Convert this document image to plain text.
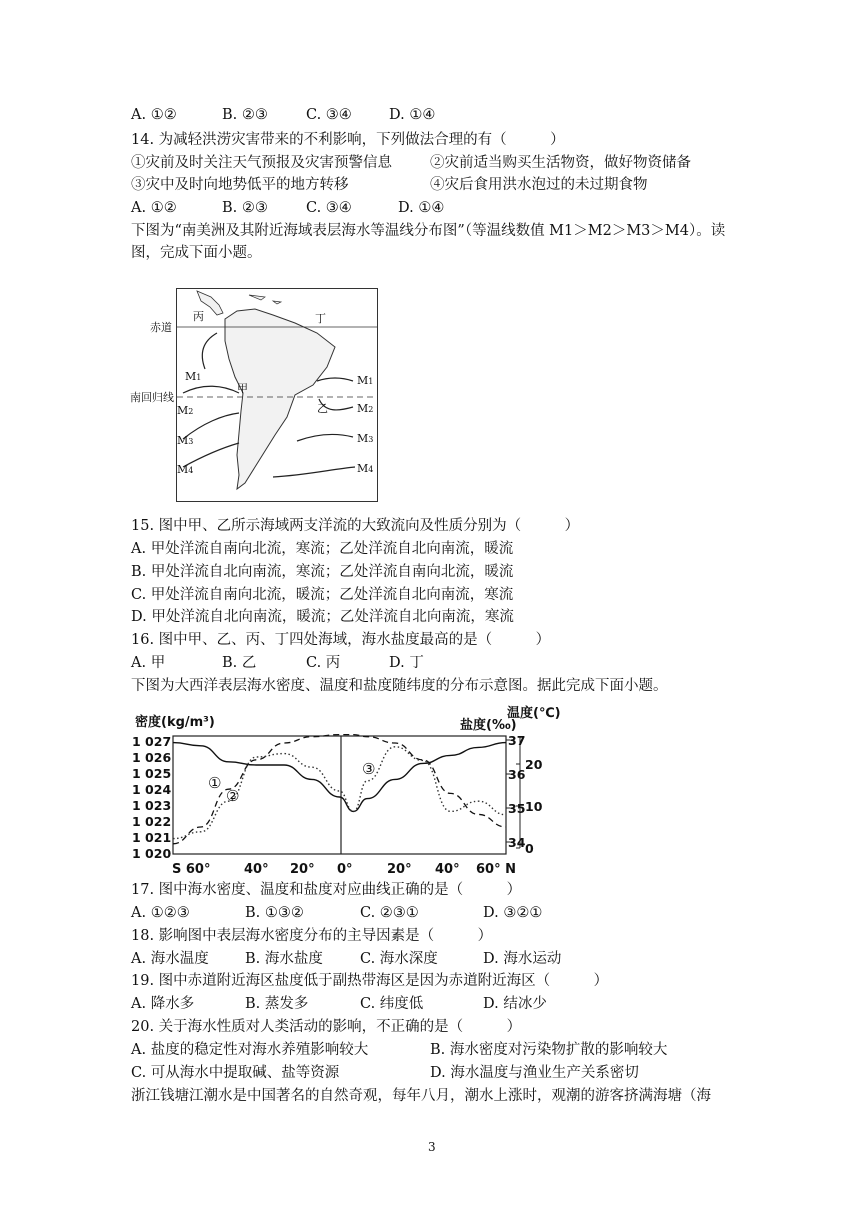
A. ①②	B. ②③	C. ③④	D. ①④
14. 为减轻洪涝灾害带来的不利影响，下列做法合理的有（　　　）
①灾前及时关注天气预报及灾害预警信息	②灾前适当购买生活物资，做好物资储备
③灾中及时向地势低平的地方转移	④灾后食用洪水泡过的未过期食物
A. ①②	B. ②③	C. ③④	D. ①④
下图为“南美洲及其附近海域表层海水等温线分布图”（等温线数值 M1＞M2＞M3＞M4）。读
图，完成下面小题。
丙	丁
甲
乙
M1
M2
M3
M4
M1
M2
M3
M4
赤道
南回归线
15. 图中甲、乙所示海域两支洋流的大致流向及性质分别为（　　　）
A. 甲处洋流自南向北流，寒流；乙处洋流自北向南流，暖流
B. 甲处洋流自北向南流，寒流；乙处洋流自南向北流，暖流
C. 甲处洋流自南向北流，暖流；乙处洋流自北向南流，寒流
D. 甲处洋流自北向南流，暖流；乙处洋流自北向南流，寒流
16. 图中甲、乙、丙、丁四处海域，海水盐度最高的是（　　　）
A. 甲	B. 乙	C. 丙	D. 丁
下图为大西洋表层海水密度、温度和盐度随纬度的分布示意图。据此完成下面小题。
密度(kg/m³)	盐度(‰)
温度(℃)
1 027
1 026
1 025
1 024
1 023
1 022
1 021
1 020
37
36
35
34
20
10
0
S 60°	40° 20° 0°	20° 40° 60° N
①
②
③
17. 图中海水密度、温度和盐度对应曲线正确的是（　　　）
A. ①②③	B. ①③②	C. ②③①	D. ③②①
18. 影响图中表层海水密度分布的主导因素是（　　　）
A. 海水温度	B. 海水盐度	C. 海水深度	D. 海水运动
19. 图中赤道附近海区盐度低于副热带海区是因为赤道附近海区（　　　）
A. 降水多	B. 蒸发多	C. 纬度低	D. 结冰少
20. 关于海水性质对人类活动的影响，不正确的是（　　　）
A. 盐度的稳定性对海水养殖影响较大	B. 海水密度对污染物扩散的影响较大
C. 可从海水中提取碱、盐等资源	D. 海水温度与渔业生产关系密切
浙江钱塘江潮水是中国著名的自然奇观，每年八月，潮水上涨时，观潮的游客挤满海塘（海
3
